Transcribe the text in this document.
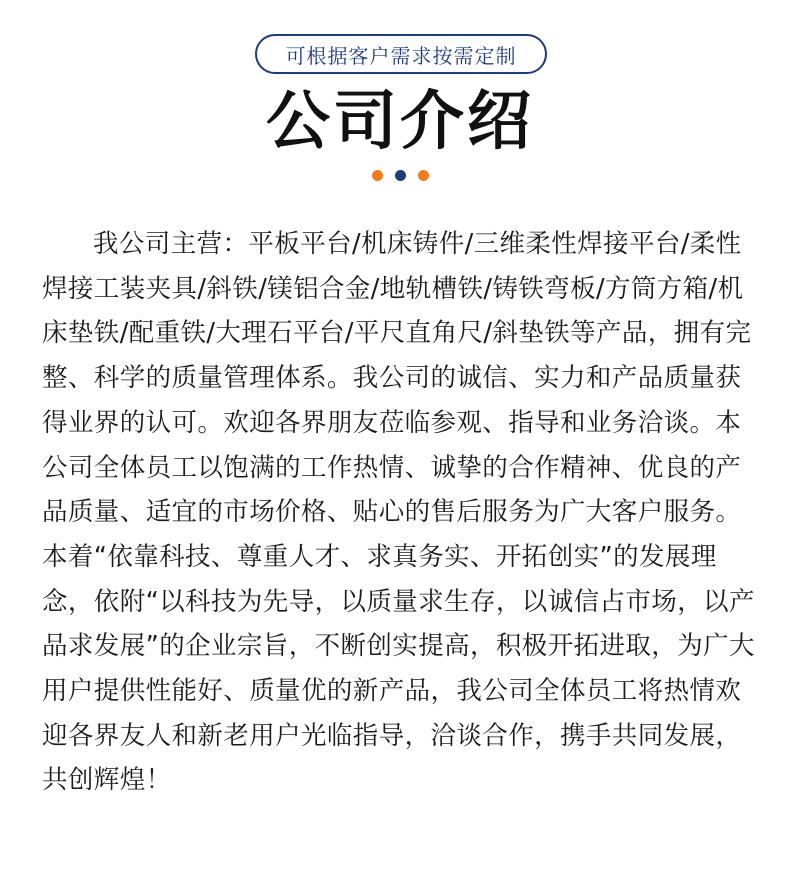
可根据客户需求按需定制
公司介绍

我公司主营：平板平台/机床铸件/三维柔性焊接平台/柔性焊接工装夹具/斜铁/镁铝合金/地轨槽铁/铸铁弯板/方筒方箱/机床垫铁/配重铁/大理石平台/平尺直角尺/斜垫铁等产品，拥有完整、科学的质量管理体系。我公司的诚信、实力和产品质量获得业界的认可。欢迎各界朋友莅临参观、指导和业务洽谈。本公司全体员工以饱满的工作热情、诚挚的合作精神、优良的产品质量、适宜的市场价格、贴心的售后服务为广大客户服务。本着“依靠科技、尊重人才、求真务实、开拓创实”的发展理念，依附“以科技为先导，以质量求生存，以诚信占市场，以产品求发展”的企业宗旨，不断创实提高，积极开拓进取，为广大用户提供性能好、质量优的新产品，我公司全体员工将热情欢迎各界友人和新老用户光临指导，洽谈合作，携手共同发展，共创辉煌！
